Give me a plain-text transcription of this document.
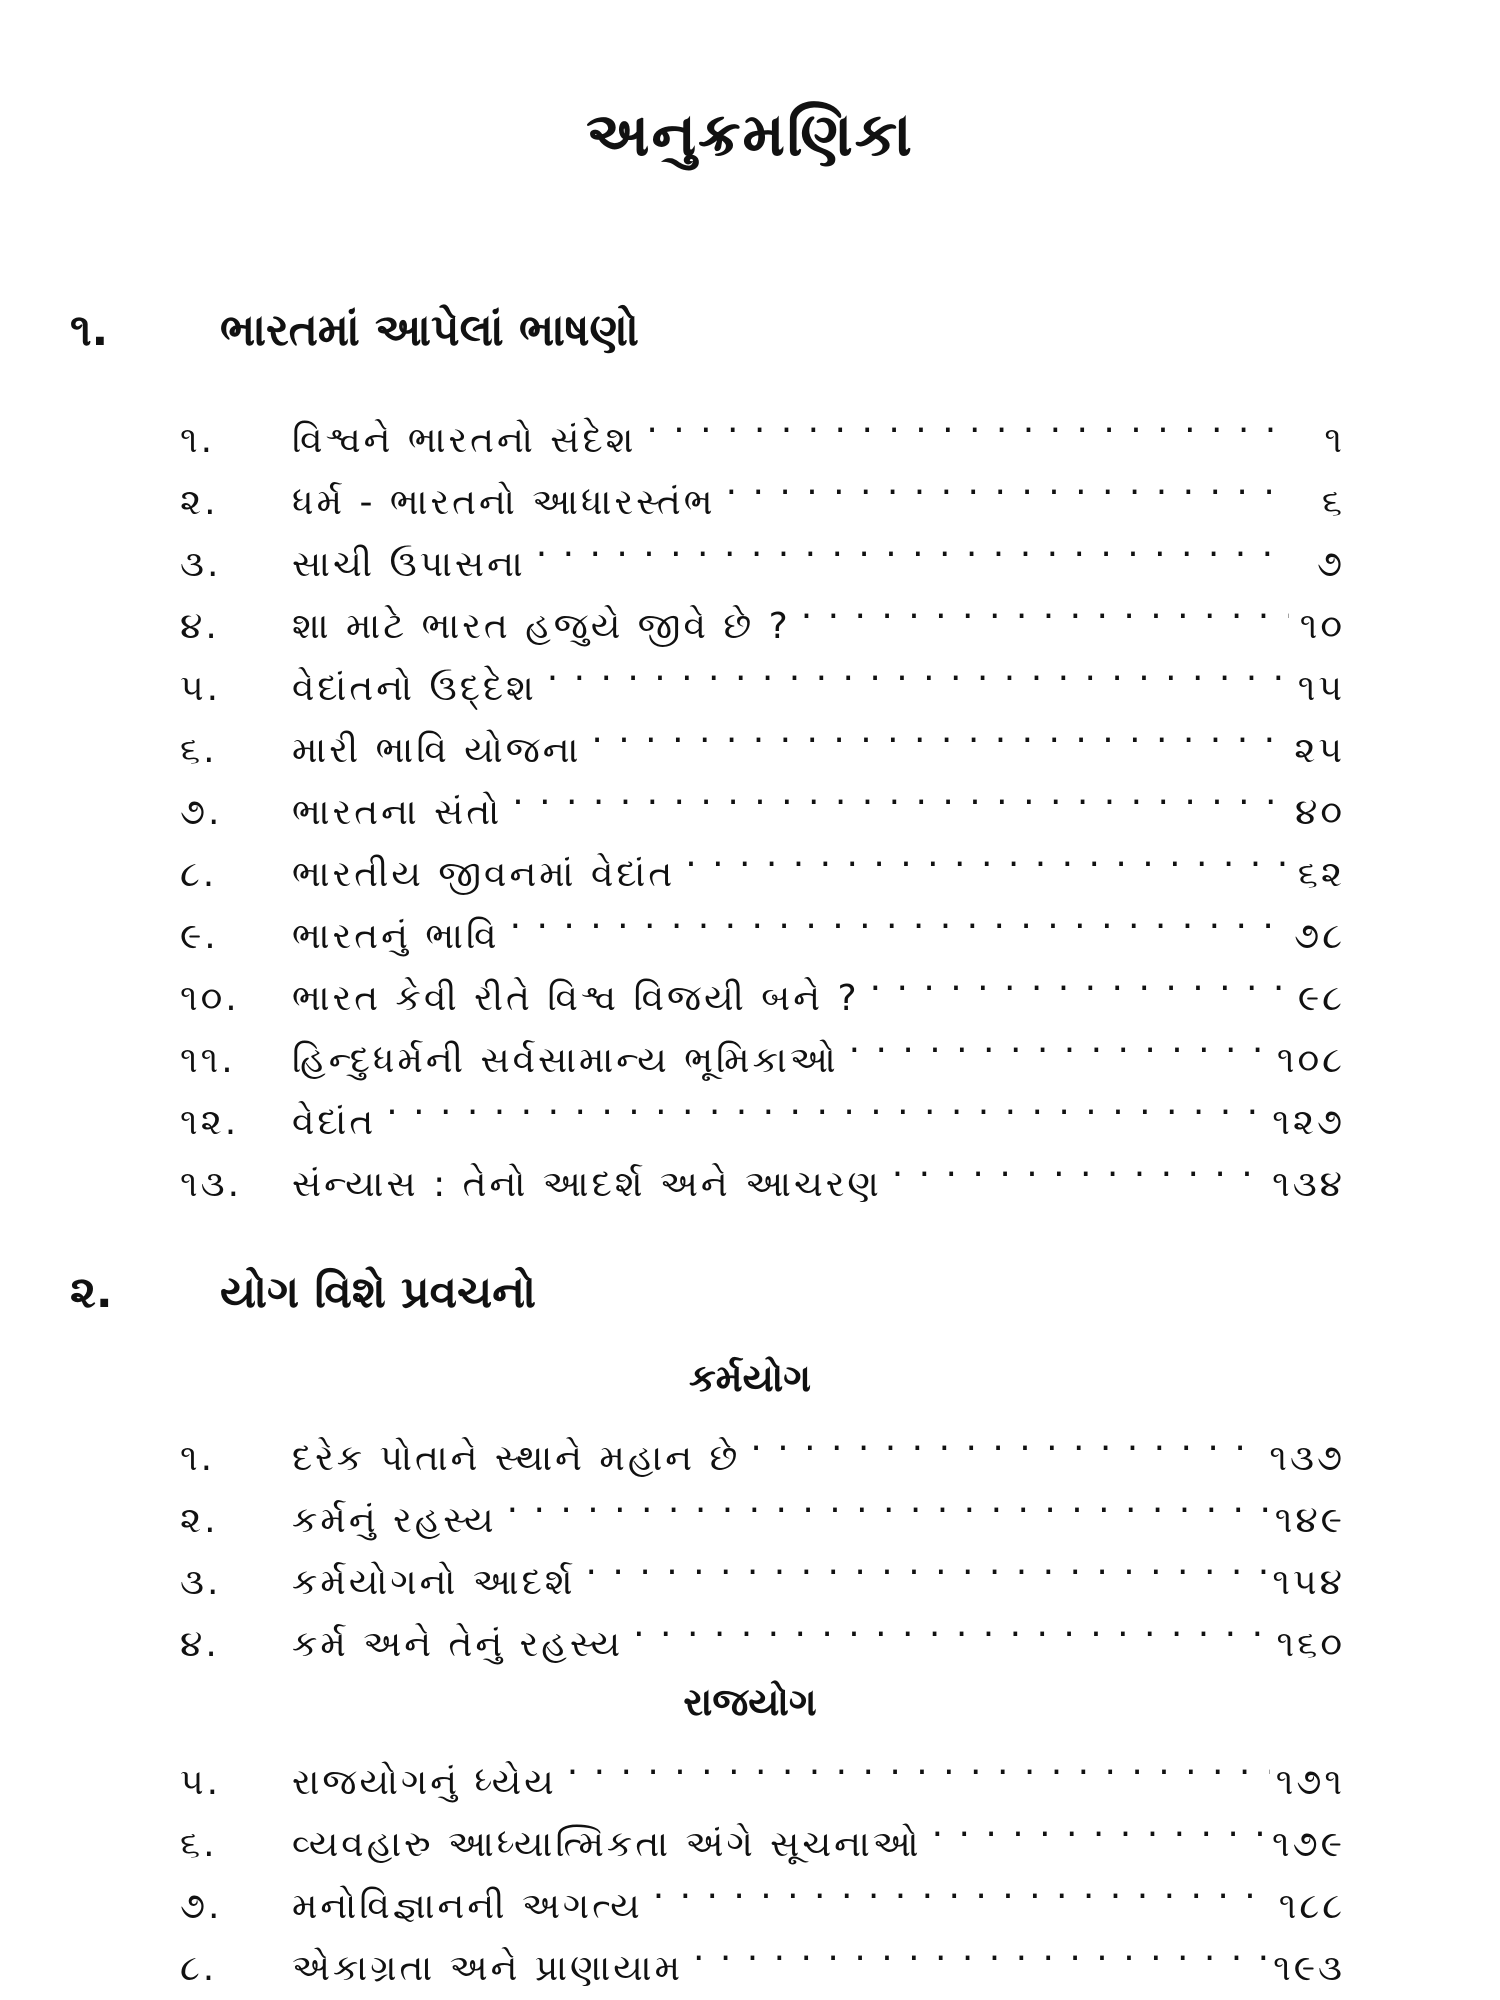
અનુક્રમણિકા
૧.	ભારતમાં આપેલાં ભાષણો
૧.	વિશ્વને ભારતનો સંદેશ . . .	૧
૨.	ધર્મ - ભારતનો આધારસ્તંભ . . .	૬
૩.	સાચી ઉપાસના . . .	૭
૪.	શા માટે ભારત હજુયે જીવે છે ? . . .	૧૦
૫.	વેદાંતનો ઉદ્દેશ . . .	૧૫
૬.	મારી ભાવિ યોજના . . .	૨૫
૭.	ભારતના સંતો . . .	૪૦
૮.	ભારતીય જીવનમાં વેદાંત . . .	૬૨
૯.	ભારતનું ભાવિ . . .	૭૮
૧૦.	ભારત કેવી રીતે વિશ્વ વિજયી બને ? . . .	૯૮
૧૧.	હિન્દુધર્મની સર્વસામાન્ય ભૂમિકાઓ . . .	૧૦૮
૧૨.	વેદાંત . . .	૧૨૭
૧૩.	સંન્યાસ : તેનો આદર્શ અને આચરણ . . .	૧૩૪
૨.	યોગ વિશે પ્રવચનો
કર્મયોગ
૧.	દરેક પોતાને સ્થાને મહાન છે . . .	૧૩૭
૨.	કર્મનું રહસ્ય . . .	૧૪૯
૩.	કર્મયોગનો આદર્શ . . .	૧૫૪
૪.	કર્મ અને તેનું રહસ્ય . . .	૧૬૦
રાજયોગ
૫.	રાજયોગનું ધ્યેય . . .	૧૭૧
૬.	વ્યવહારુ આધ્યાત્મિકતા અંગે સૂચનાઓ . . .	૧૭૯
૭.	મનોવિજ્ઞાનની અગત્ય . . .	૧૮૮
૮.	એકાગ્રતા અને પ્રાણાયામ . . .	૧૯૩
